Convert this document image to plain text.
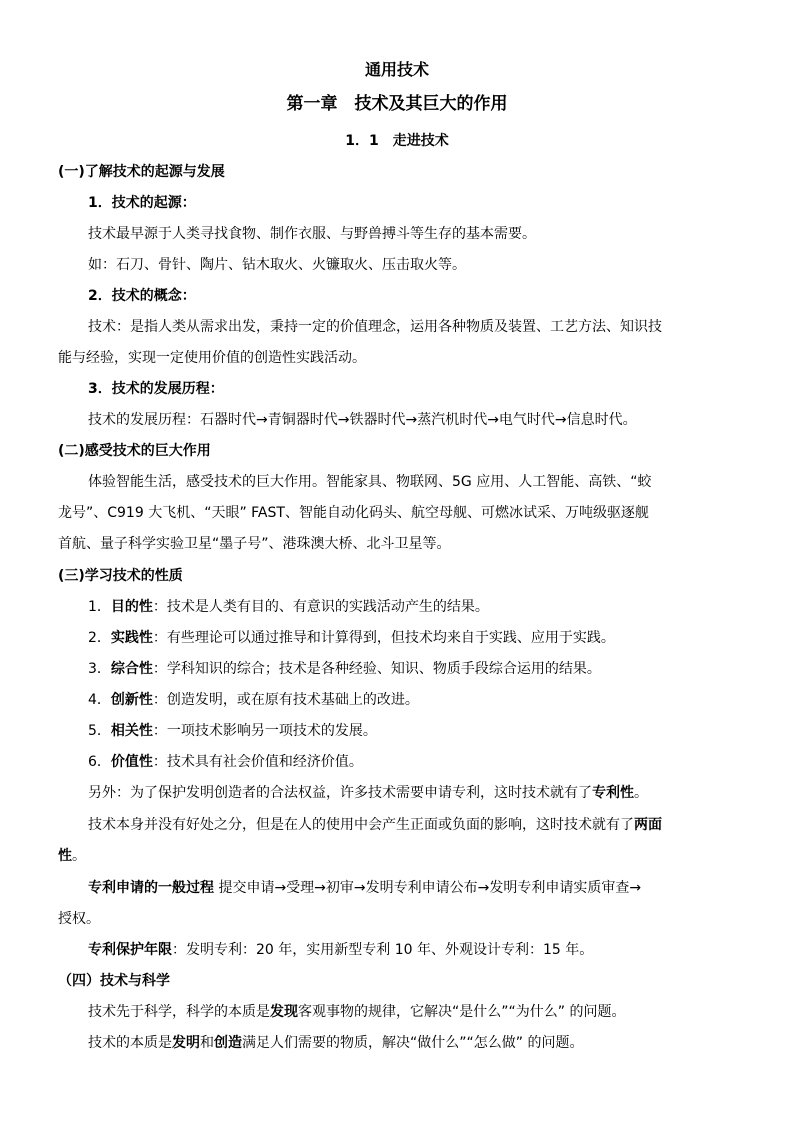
通用技术
第一章　技术及其巨大的作用
1．1　走进技术
(一)了解技术的起源与发展
1．技术的起源：
技术最早源于人类寻找食物、制作衣服、与野兽搏斗等生存的基本需要。
如：石刀、骨针、陶片、钻木取火、火镰取火、压击取火等。
2．技术的概念：
技术：是指人类从需求出发，秉持一定的价值理念，运用各种物质及装置、工艺方法、知识技
能与经验，实现一定使用价值的创造性实践活动。
3．技术的发展历程：
技术的发展历程：石器时代→青铜器时代→铁器时代→蒸汽机时代→电气时代→信息时代。
(二)感受技术的巨大作用
体验智能生活，感受技术的巨大作用。智能家具、物联网、5G 应用、人工智能、高铁、“蛟
龙号”、C919 大飞机、“天眼” FAST、智能自动化码头、航空母舰、可燃冰试采、万吨级驱逐舰
首航、量子科学实验卫星“墨子号”、港珠澳大桥、北斗卫星等。
(三)学习技术的性质
1．目的性：技术是人类有目的、有意识的实践活动产生的结果。
2．实践性：有些理论可以通过推导和计算得到，但技术均来自于实践、应用于实践。
3．综合性：学科知识的综合；技术是各种经验、知识、物质手段综合运用的结果。
4．创新性：创造发明，或在原有技术基础上的改进。
5．相关性：一项技术影响另一项技术的发展。
6．价值性：技术具有社会价值和经济价值。
另外：为了保护发明创造者的合法权益，许多技术需要申请专利，这时技术就有了专利性。
技术本身并没有好处之分，但是在人的使用中会产生正面或负面的影响，这时技术就有了两面
性。
专利申请的一般过程 提交申请→受理→初审→发明专利申请公布→发明专利申请实质审查→
授权。
专利保护年限：发明专利：20 年，实用新型专利 10 年、外观设计专利：15 年。
（四）技术与科学
技术先于科学，科学的本质是发现客观事物的规律，它解决“是什么”“为什么” 的问题。
技术的本质是发明和创造满足人们需要的物质，解决“做什么”“怎么做” 的问题。
